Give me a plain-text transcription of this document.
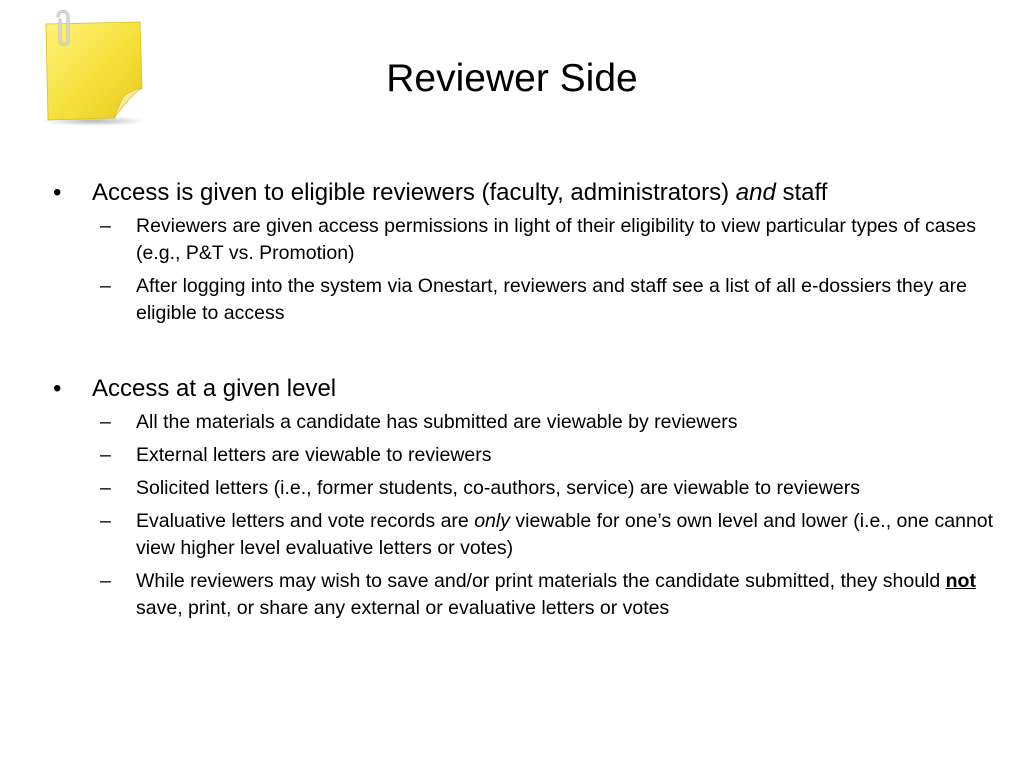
Reviewer Side
• Access is given to eligible reviewers (faculty, administrators) and staff
– Reviewers are given access permissions in light of their eligibility to view particular types of cases (e.g., P&T vs. Promotion)
– After logging into the system via Onestart, reviewers and staff see a list of all e-dossiers they are eligible to access
• Access at a given level
– All the materials a candidate has submitted are viewable by reviewers
– External letters are viewable to reviewers
– Solicited letters (i.e., former students, co-authors, service) are viewable to reviewers
– Evaluative letters and vote records are only viewable for one’s own level and lower (i.e., one cannot view higher level evaluative letters or votes)
– While reviewers may wish to save and/or print materials the candidate submitted, they should not save, print, or share any external or evaluative letters or votes
